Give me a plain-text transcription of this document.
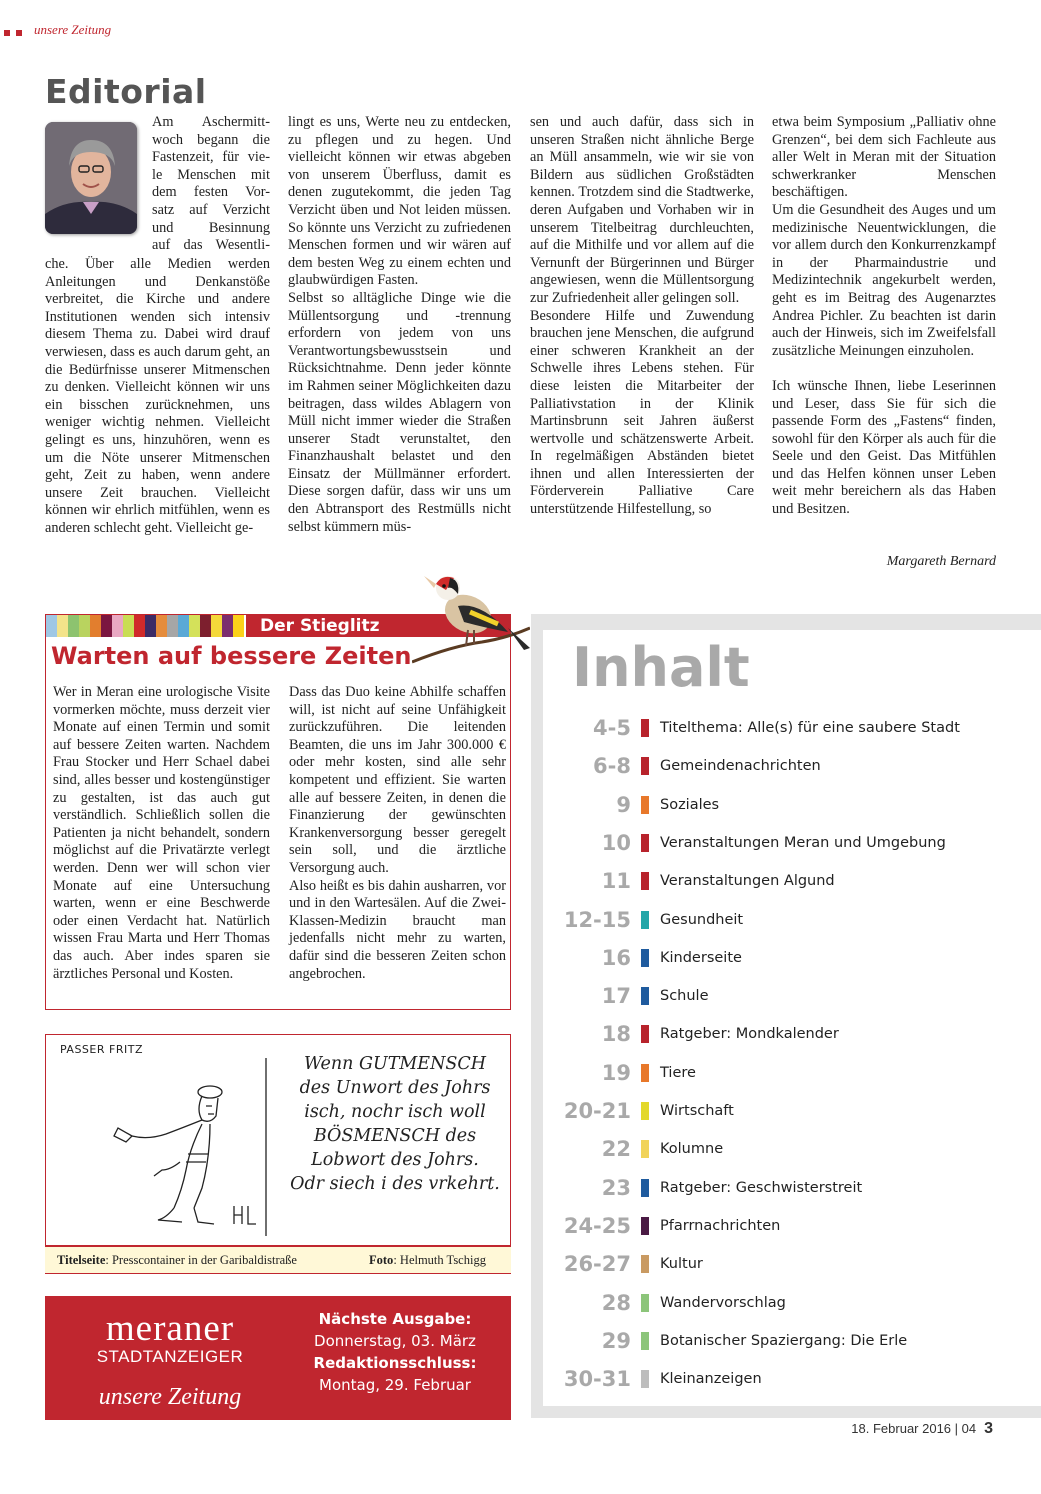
unsere Zeitung
Editorial
Am Aschermitt-
woch begann die
Fastenzeit, für vie-
le Menschen mit
dem festen Vor-
satz auf Verzicht
und Besinnung
auf das Wesentli-

che. Über alle Medien werden Anleitungen und Denkanstöße verbreitet, die Kirche und andere Institutionen wenden sich intensiv diesem Thema zu. Dabei wird drauf verwiesen, dass es auch darum geht, an die Bedürfnisse unserer Mitmenschen zu denken. Vielleicht können wir uns ein bisschen zurücknehmen, uns weniger wichtig nehmen. Vielleicht gelingt es uns, hinzuhören, wenn es um die Nöte unserer Mitmenschen geht, Zeit zu haben, wenn andere unsere Zeit brauchen. Vielleicht können wir ehrlich mitfühlen, wenn es anderen schlecht geht. Vielleicht ge-

lingt es uns, Werte neu zu entdecken, zu pflegen und zu hegen. Und vielleicht können wir etwas abgeben von unserem Überfluss, damit es denen zugutekommt, die jeden Tag Verzicht üben und Not leiden müssen. So könnte uns Verzicht zu zufriedenen Menschen formen und wir wären auf dem besten Weg zu einem echten und glaubwürdigen Fasten.

Selbst so alltägliche Dinge wie die Müllentsorgung und -trennung erfordern von jedem von uns Verantwortungsbewusstsein und Rücksichtnahme. Denn jeder könnte im Rahmen seiner Möglichkeiten dazu beitragen, dass wildes Ablagern von Müll nicht immer wieder die Straßen unserer Stadt verunstaltet, den Finanzhaushalt belastet und den Einsatz der Müllmänner erfordert. Diese sorgen dafür, dass wir uns um den Abtransport des Restmülls nicht selbst kümmern müs-

sen und auch dafür, dass sich in unseren Straßen nicht ähnliche Berge an Müll ansammeln, wie wir sie von Bildern aus südlichen Großstädten kennen. Trotzdem sind die Stadtwerke, deren Aufgaben und Vorhaben wir in unserem Titelbeitrag durchleuchten, auf die Mithilfe und vor allem auf die Vernunft der Bürgerinnen und Bürger angewiesen, wenn die Müllentsorgung zur Zufriedenheit aller gelingen soll.

Besondere Hilfe und Zuwendung brauchen jene Menschen, die aufgrund einer schweren Krankheit an der Schwelle ihres Lebens stehen. Für diese leisten die Mitarbeiter der Palliativstation in der Klinik Martinsbrunn seit Jahren äußerst wertvolle und schätzenswerte Arbeit. In regelmäßigen Abständen bietet ihnen und allen Interessierten der Förderverein Palliative Care unterstützende Hilfestellung, so

etwa beim Symposium „Palliativ ohne Grenzen“, bei dem sich Fachleute aus aller Welt in Meran mit der Situation schwerkranker Menschen beschäftigen.

Um die Gesundheit des Auges und um medizinische Neuentwicklungen, die vor allem durch den Konkurrenzkampf in der Pharmaindustrie und Medizintechnik angekurbelt werden, geht es im Beitrag des Augenarztes Andrea Pichler. Zu beachten ist darin auch der Hinweis, sich im Zweifelsfall zusätzliche Meinungen einzuholen.

Ich wünsche Ihnen, liebe Leserinnen und Leser, dass Sie für sich die passende Form des „Fastens“ finden, sowohl für den Körper als auch für die Seele und den Geist. Das Mitfühlen und das Helfen können unser Leben weit mehr bereichern als das Haben und Besitzen.

Margareth Bernard
Der Stieglitz
Warten auf bessere Zeiten
Wer in Meran eine urologische Visite vormerken möchte, muss derzeit vier Monate auf einen Termin und somit auf bessere Zeiten warten. Nachdem Frau Stocker und Herr Schael dabei sind, alles besser und kostengünstiger zu gestalten, ist das auch gut verständlich. Schließlich sollen die Patienten ja nicht behandelt, sondern möglichst auf die Privatärzte verlegt werden. Denn wer will schon vier Monate auf eine Untersuchung warten, wenn er eine Beschwerde oder einen Verdacht hat. Natürlich wissen Frau Marta und Herr Thomas das auch. Aber indes sparen sie ärztliches Personal und Kosten.
Dass das Duo keine Abhilfe schaffen will, ist nicht auf seine Unfähigkeit zurückzuführen. Die leitenden Beamten, die uns im Jahr 300.000 € oder mehr kosten, sind alle sehr kompetent und effizient. Sie warten alle auf bessere Zeiten, in denen die Finanzierung der gewünschten Krankenversorgung besser geregelt sein soll, und die ärztliche Versorgung auch.
Also heißt es bis dahin ausharren, vor und in den Wartesälen. Auf die Zwei-Klassen-Medizin braucht man jedenfalls nicht mehr zu warten, dafür sind die besseren Zeiten schon angebrochen.
PASSER FRITZ
Wenn GUTMENSCH
des Unwort des Johrs
isch, nochr isch woll
BÖSMENSCH des
Lobwort des Johrs.
Odr siech i des vrkehrt.
Titelseite: Presscontainer in der Garibaldistraße	Foto: Helmuth Tschigg
meraner
STADTANZEIGER
unsere Zeitung
Nächste Ausgabe:
Donnerstag, 03. März
Redaktionsschluss:
Montag, 29. Februar
Inhalt
4-5 Titelthema: Alle(s) für eine saubere Stadt
6-8 Gemeindenachrichten
9 Soziales
10 Veranstaltungen Meran und Umgebung
11 Veranstaltungen Algund
12-15 Gesundheit
16 Kinderseite
17 Schule
18 Ratgeber: Mondkalender
19 Tiere
20-21 Wirtschaft
22 Kolumne
23 Ratgeber: Geschwisterstreit
24-25 Pfarrnachrichten
26-27 Kultur
28 Wandervorschlag
29 Botanischer Spaziergang: Die Erle
30-31 Kleinanzeigen
18. Februar 2016 | 04 3
